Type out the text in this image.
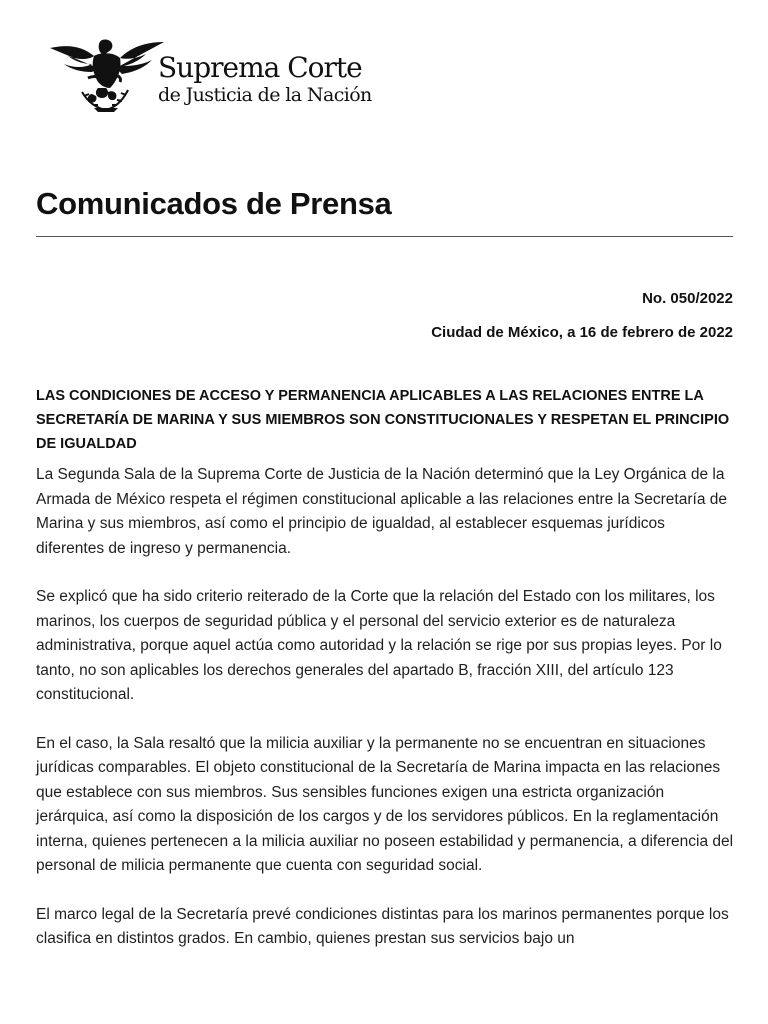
Suprema Corte
de Justicia de la Nación
Comunicados de Prensa
No. 050/2022
Ciudad de México, a 16 de febrero de 2022
LAS CONDICIONES DE ACCESO Y PERMANENCIA APLICABLES A LAS RELACIONES ENTRE LA SECRETARÍA DE MARINA Y SUS MIEMBROS SON CONSTITUCIONALES Y RESPETAN EL PRINCIPIO DE IGUALDAD

La Segunda Sala de la Suprema Corte de Justicia de la Nación determinó que la Ley Orgánica de la Armada de México respeta el régimen constitucional aplicable a las relaciones entre la Secretaría de Marina y sus miembros, así como el principio de igualdad, al establecer esquemas jurídicos diferentes de ingreso y permanencia.

Se explicó que ha sido criterio reiterado de la Corte que la relación del Estado con los militares, los marinos, los cuerpos de seguridad pública y el personal del servicio exterior es de naturaleza administrativa, porque aquel actúa como autoridad y la relación se rige por sus propias leyes. Por lo tanto, no son aplicables los derechos generales del apartado B, fracción XIII, del artículo 123 constitucional.

En el caso, la Sala resaltó que la milicia auxiliar y la permanente no se encuentran en situaciones jurídicas comparables. El objeto constitucional de la Secretaría de Marina impacta en las relaciones que establece con sus miembros. Sus sensibles funciones exigen una estricta organización jerárquica, así como la disposición de los cargos y de los servidores públicos. En la reglamentación interna, quienes pertenecen a la milicia auxiliar no poseen estabilidad y permanencia, a diferencia del personal de milicia permanente que cuenta con seguridad social.

El marco legal de la Secretaría prevé condiciones distintas para los marinos permanentes porque los clasifica en distintos grados. En cambio, quienes prestan sus servicios bajo un
